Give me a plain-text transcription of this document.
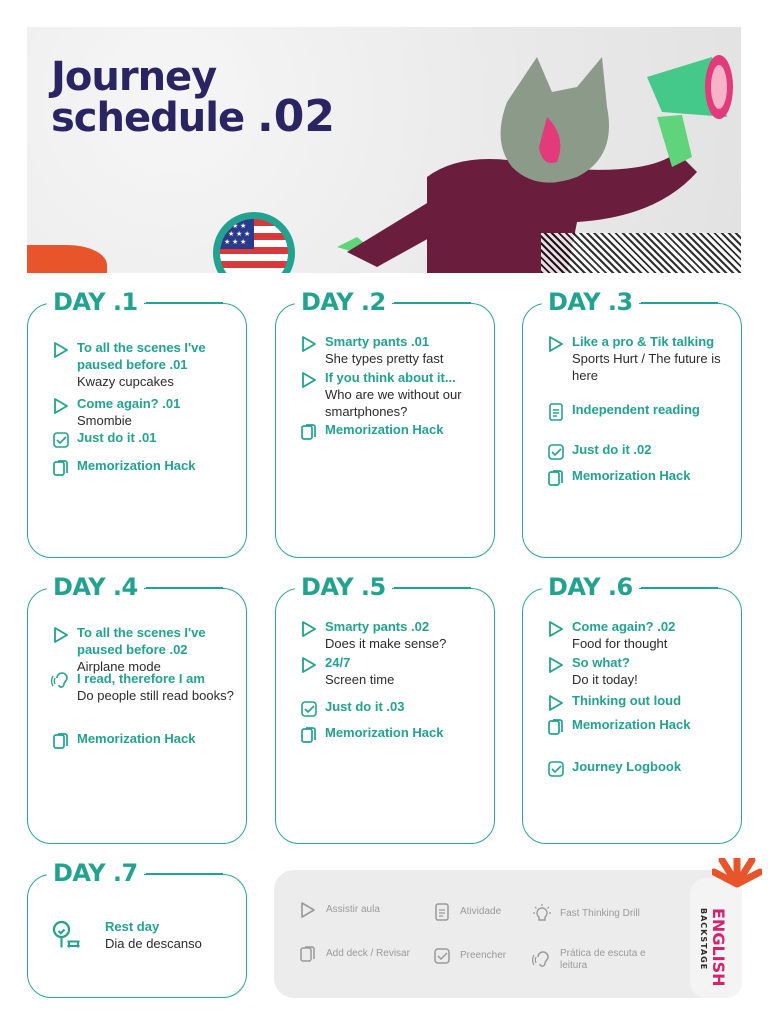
Journey
schedule .02
★ ★ ★
★ ★ ★
★ ★ ★
DAY .1
To all the scenes I've paused before .01
Kwazy cupcakes
Come again? .01
Smombie
Just do it .01
Memorization Hack
DAY .2
Smarty pants .01
She types pretty fast
If you think about it...
Who are we without our smartphones?
Memorization Hack
DAY .3
Like a pro & Tik talking
Sports Hurt / The future is here
Independent reading
Just do it .02
Memorization Hack
DAY .4
To all the scenes I've paused before .02
Airplane mode
I read, therefore I am
Do people still read books?
Memorization Hack
DAY .5
Smarty pants .02
Does it make sense?
24/7
Screen time
Just do it .03
Memorization Hack
DAY .6
Come again? .02
Food for thought
So what?
Do it today!
Thinking out loud
Memorization Hack
Journey Logbook
DAY .7
Rest day
Dia de descanso
Assistir aula	Atividade	Fast Thinking Drill
Add deck / Revisar	Preencher	Prática de escuta e leitura	ENGLISH
BACKSTAGE
